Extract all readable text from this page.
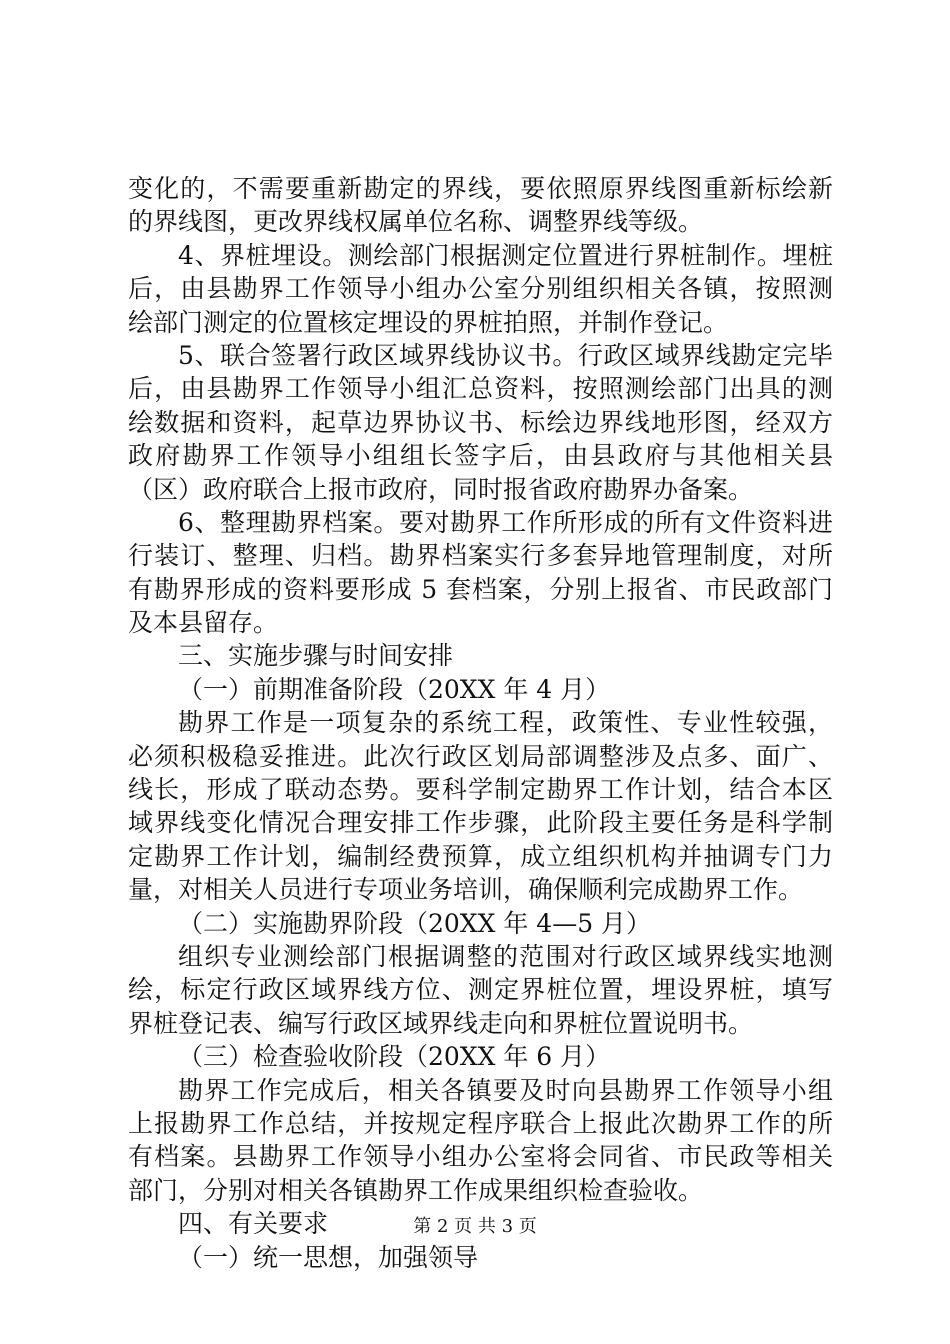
变化的，不需要重新勘定的界线，要依照原界线图重新标绘新
的界线图，更改界线权属单位名称、调整界线等级。
4、界桩埋设。测绘部门根据测定位置进行界桩制作。埋桩
后，由县勘界工作领导小组办公室分别组织相关各镇，按照测
绘部门测定的位置核定埋设的界桩拍照，并制作登记。
5、联合签署行政区域界线协议书。行政区域界线勘定完毕
后，由县勘界工作领导小组汇总资料，按照测绘部门出具的测
绘数据和资料，起草边界协议书、标绘边界线地形图，经双方
政府勘界工作领导小组组长签字后，由县政府与其他相关县
（区）政府联合上报市政府，同时报省政府勘界办备案。
6、整理勘界档案。要对勘界工作所形成的所有文件资料进
行装订、整理、归档。勘界档案实行多套异地管理制度，对所
有勘界形成的资料要形成 5 套档案，分别上报省、市民政部门
及本县留存。
三、实施步骤与时间安排
（一）前期准备阶段（20XX 年 4 月）
勘界工作是一项复杂的系统工程，政策性、专业性较强，
必须积极稳妥推进。此次行政区划局部调整涉及点多、面广、
线长，形成了联动态势。要科学制定勘界工作计划，结合本区
域界线变化情况合理安排工作步骤，此阶段主要任务是科学制
定勘界工作计划，编制经费预算，成立组织机构并抽调专门力
量，对相关人员进行专项业务培训，确保顺利完成勘界工作。
（二）实施勘界阶段（20XX 年 4—5 月）
组织专业测绘部门根据调整的范围对行政区域界线实地测
绘，标定行政区域界线方位、测定界桩位置，埋设界桩，填写
界桩登记表、编写行政区域界线走向和界桩位置说明书。
（三）检查验收阶段（20XX 年 6 月）
勘界工作完成后，相关各镇要及时向县勘界工作领导小组
上报勘界工作总结，并按规定程序联合上报此次勘界工作的所
有档案。县勘界工作领导小组办公室将会同省、市民政等相关
部门，分别对相关各镇勘界工作成果组织检查验收。
四、有关要求
（一）统一思想，加强领导
第 2 页 共 3 页
